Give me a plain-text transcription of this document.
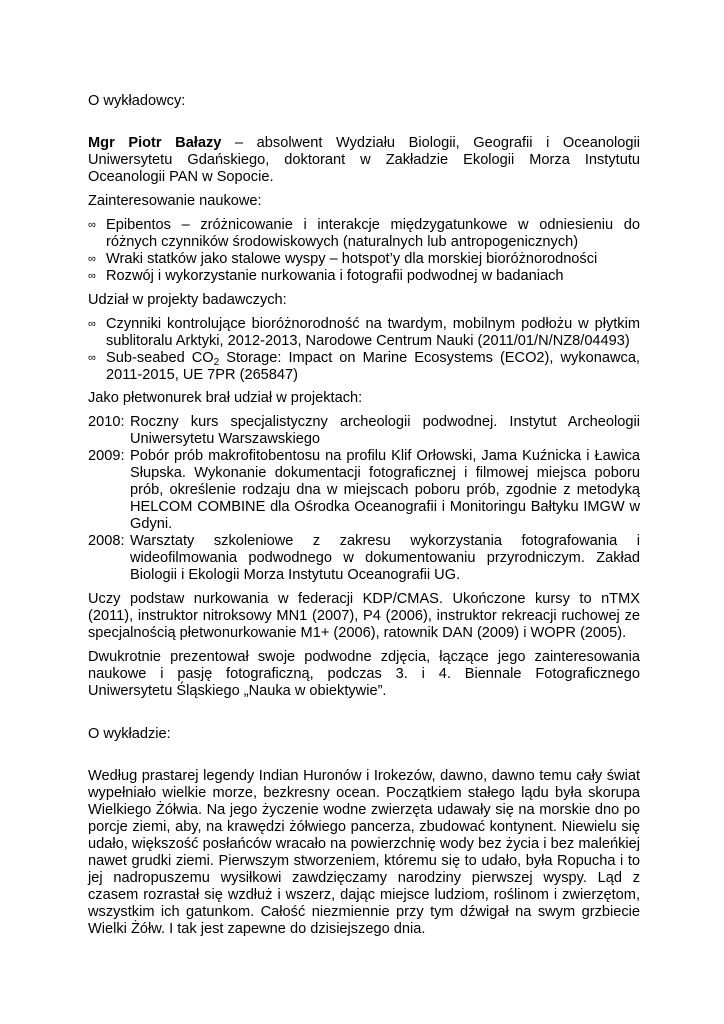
O wykładowcy:
Mgr Piotr Bałazy – absolwent Wydziału Biologii, Geografii i Oceanologii
Uniwersytetu Gdańskiego, doktorant w Zakładzie Ekologii Morza Instytutu
Oceanologii PAN w Sopocie.
Zainteresowanie naukowe:
∞ Epibentos – zróżnicowanie i interakcje międzygatunkowe w odniesieniu do
różnych czynników środowiskowych (naturalnych lub antropogenicznych)
∞ Wraki statków jako stalowe wyspy – hotspot’y dla morskiej bioróżnorodności
∞ Rozwój i wykorzystanie nurkowania i fotografii podwodnej w badaniach
Udział w projekty badawczych:
∞ Czynniki kontrolujące bioróżnorodność na twardym, mobilnym podłożu w płytkim
sublitoralu Arktyki, 2012-2013, Narodowe Centrum Nauki (2011/01/N/NZ8/04493)
∞ Sub-seabed $CO_2$ Storage: Impact on Marine Ecosystems (ECO2), wykonawca,
2011-2015, UE 7PR (265847)
Jako płetwonurek brał udział w projektach:
2010: Roczny kurs specjalistyczny archeologii podwodnej. Instytut Archeologii
Uniwersytetu Warszawskiego
2009: Pobór prób makrofitobentosu na profilu Klif Orłowski, Jama Kuźnicka i Ławica
Słupska. Wykonanie dokumentacji fotograficznej i filmowej miejsca poboru
prób, określenie rodzaju dna w miejscach poboru prób, zgodnie z metodyką
HELCOM COMBINE dla Ośrodka Oceanografii i Monitoringu Bałtyku IMGW w
Gdyni.
2008: Warsztaty szkoleniowe z zakresu wykorzystania fotografowania i
wideofilmowania podwodnego w dokumentowaniu przyrodniczym. Zakład
Biologii i Ekologii Morza Instytutu Oceanografii UG.
Uczy podstaw nurkowania w federacji KDP/CMAS. Ukończone kursy to nTMX
(2011), instruktor nitroksowy MN1 (2007), P4 (2006), instruktor rekreacji ruchowej ze
specjalnością płetwonurkowanie M1+ (2006), ratownik DAN (2009) i WOPR (2005).
Dwukrotnie prezentował swoje podwodne zdjęcia, łączące jego zainteresowania
naukowe i pasję fotograficzną, podczas 3. i 4. Biennale Fotograficznego
Uniwersytetu Śląskiego „Nauka w obiektywie”.
O wykładzie:
Według prastarej legendy Indian Huronów i Irokezów, dawno, dawno temu cały świat
wypełniało wielkie morze, bezkresny ocean. Początkiem stałego lądu była skorupa
Wielkiego Żółwia. Na jego życzenie wodne zwierzęta udawały się na morskie dno po
porcje ziemi, aby, na krawędzi żółwiego pancerza, zbudować kontynent. Niewielu się
udało, większość posłańców wracało na powierzchnię wody bez życia i bez maleńkiej
nawet grudki ziemi. Pierwszym stworzeniem, któremu się to udało, była Ropucha i to
jej nadropuszemu wysiłkowi zawdzięczamy narodziny pierwszej wyspy. Ląd z
czasem rozrastał się wzdłuż i wszerz, dając miejsce ludziom, roślinom i zwierzętom,
wszystkim ich gatunkom. Całość niezmiennie przy tym dźwigał na swym grzbiecie
Wielki Żółw. I tak jest zapewne do dzisiejszego dnia.
